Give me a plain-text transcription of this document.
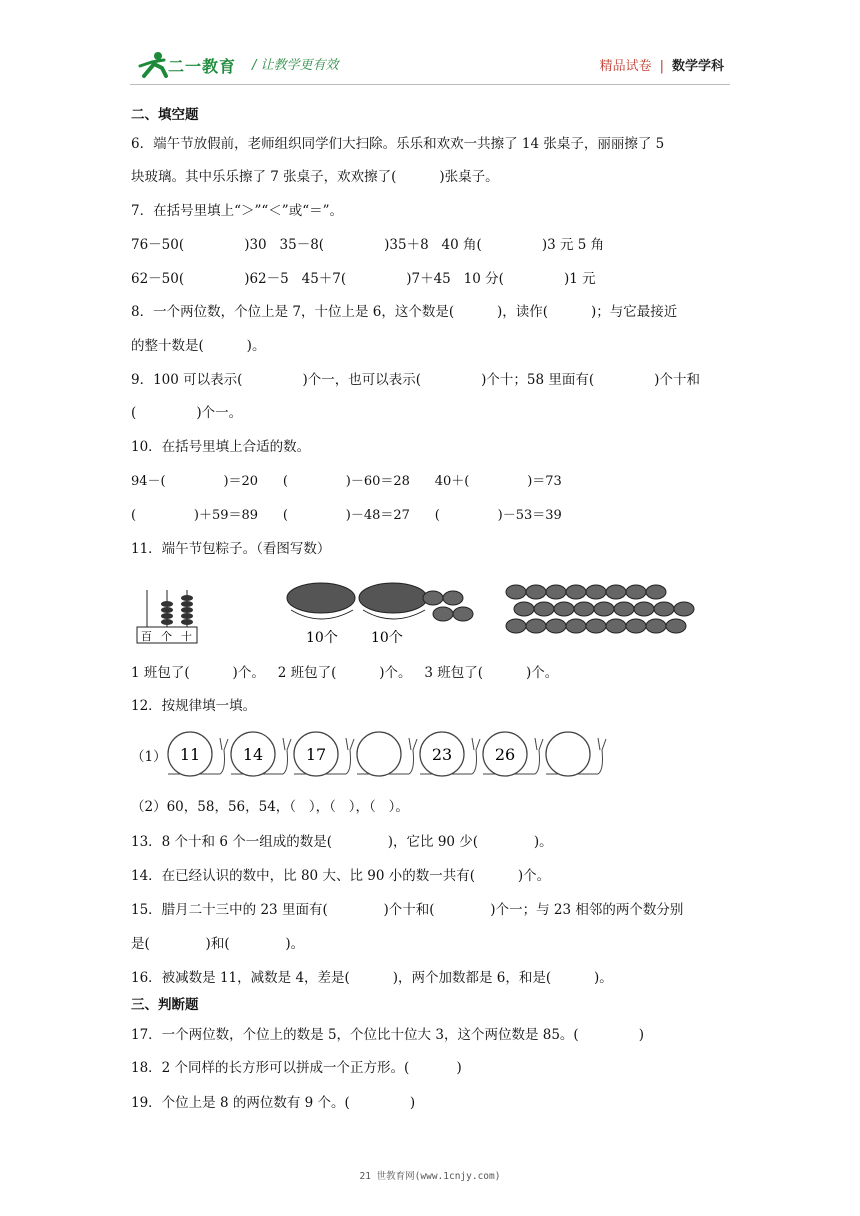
二一教育 / 让教学更有效	精品试卷 | 数学学科
二、填空题
6．端午节放假前，老师组织同学们大扫除。乐乐和欢欢一共擦了 14 张桌子，丽丽擦了 5
块玻璃。其中乐乐擦了 7 张桌子，欢欢擦了(          )张桌子。
7．在括号里填上“＞”“＜”或“＝”。
76－50(              )30   35－8(              )35＋8   40 角(              )3 元 5 角
62－50(              )62－5   45＋7(              )7＋45   10 分(              )1 元
8．一个两位数，个位上是 7，十位上是 6，这个数是(          )，读作(          )；与它最接近
的整十数是(          )。
9．100 可以表示(              )个一，也可以表示(              )个十；58 里面有(              )个十和
(              )个一。
10．在括号里填上合适的数。
94－(              )＝20      (              )－60＝28      40＋(              )＝73
(              )＋59＝89      (              )－48＝27      (              )－53＝39
11．端午节包粽子。（看图写数）
百 个 十	10个 10个
1 班包了(          )个。   2 班包了(          )个。   3 班包了(          )个。
12．按规律填一填。
（1） 11	14	17	23	26
（2）60，58，56，54，（   ），（   ），（   ）。
13．8 个十和 6 个一组成的数是(             )，它比 90 少(             )。
14．在已经认识的数中，比 80 大、比 90 小的数一共有(          )个。
15．腊月二十三中的 23 里面有(             )个十和(             )个一；与 23 相邻的两个数分别
是(             )和(             )。
16．被减数是 11，减数是 4，差是(          )，两个加数都是 6，和是(          )。
三、判断题
17．一个两位数，个位上的数是 5，个位比十位大 3，这个两位数是 85。(              )
18．2 个同样的长方形可以拼成一个正方形。(           )
19．个位上是 8 的两位数有 9 个。(              )
21 世教育网(www.1cnjy.com)
